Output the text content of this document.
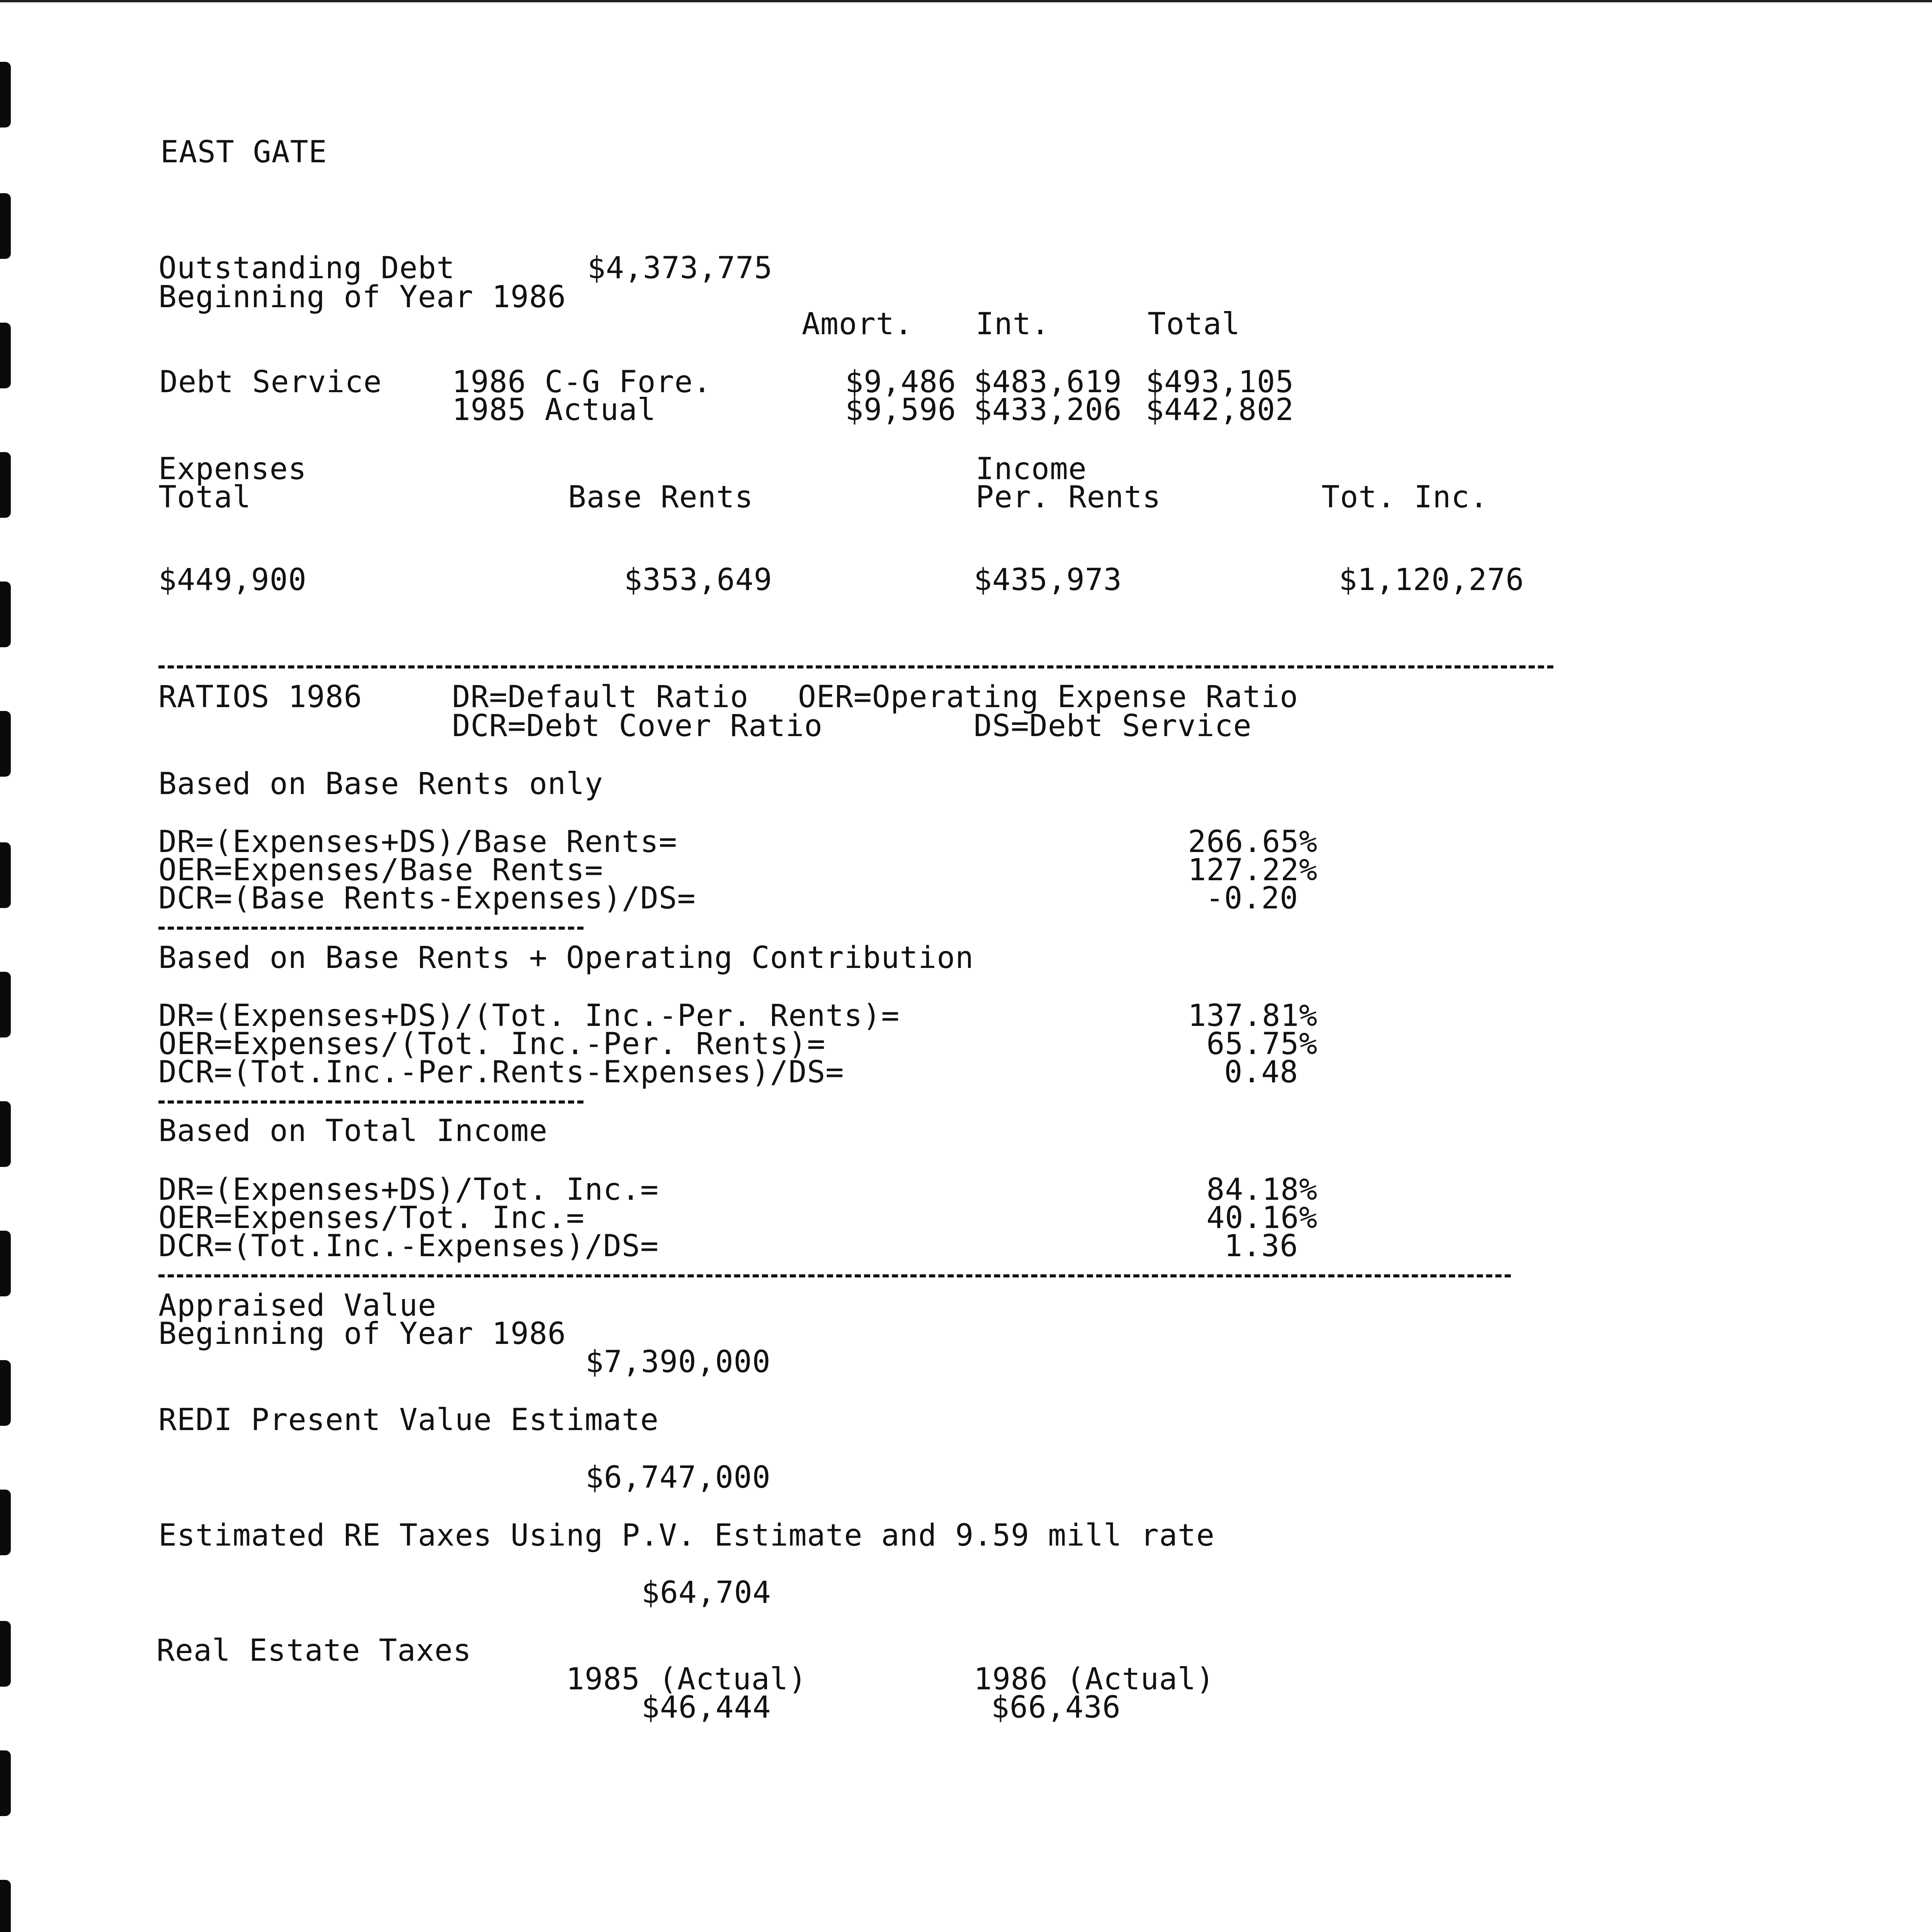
EAST GATE
Outstanding Debt
Beginning of Year 1986
$4,373,775
Amort. Int.	Total
Debt Service 1986 C-G Fore.	$9,486 $483,619 $493,105
1985 Actual	$9,596 $433,206 $442,802
Expenses
Total	Base Rents
Income
Per. Rents	Tot. Inc.
$449,900	$353,649	$435,973	$1,120,276
RATIOS 1986	DR=Default Ratio OER=Operating Expense Ratio
DCR=Debt Cover Ratio	DS=Debt Service
Based on Base Rents only
DR=(Expenses+DS)/Base Rents=	266.65%
OER=Expenses/Base Rents=	127.22%
DCR=(Base Rents-Expenses)/DS=	-0.20
Based on Base Rents + Operating Contribution
DR=(Expenses+DS)/(Tot. Inc.-Per. Rents)=	137.81%
OER=Expenses/(Tot. Inc.-Per. Rents)=	65.75%
DCR=(Tot.Inc.-Per.Rents-Expenses)/DS=	0.48
Based on Total Income
DR=(Expenses+DS)/Tot. Inc.=	84.18%
OER=Expenses/Tot. Inc.=	40.16%
DCR=(Tot.Inc.-Expenses)/DS=	1.36
Appraised Value
Beginning of Year 1986
$7,390,000
REDI Present Value Estimate
$6,747,000
Estimated RE Taxes Using P.V. Estimate and 9.59 mill rate
$64,704
Real Estate Taxes
1985 (Actual)
$46,444
1986 (Actual)
$66,436
